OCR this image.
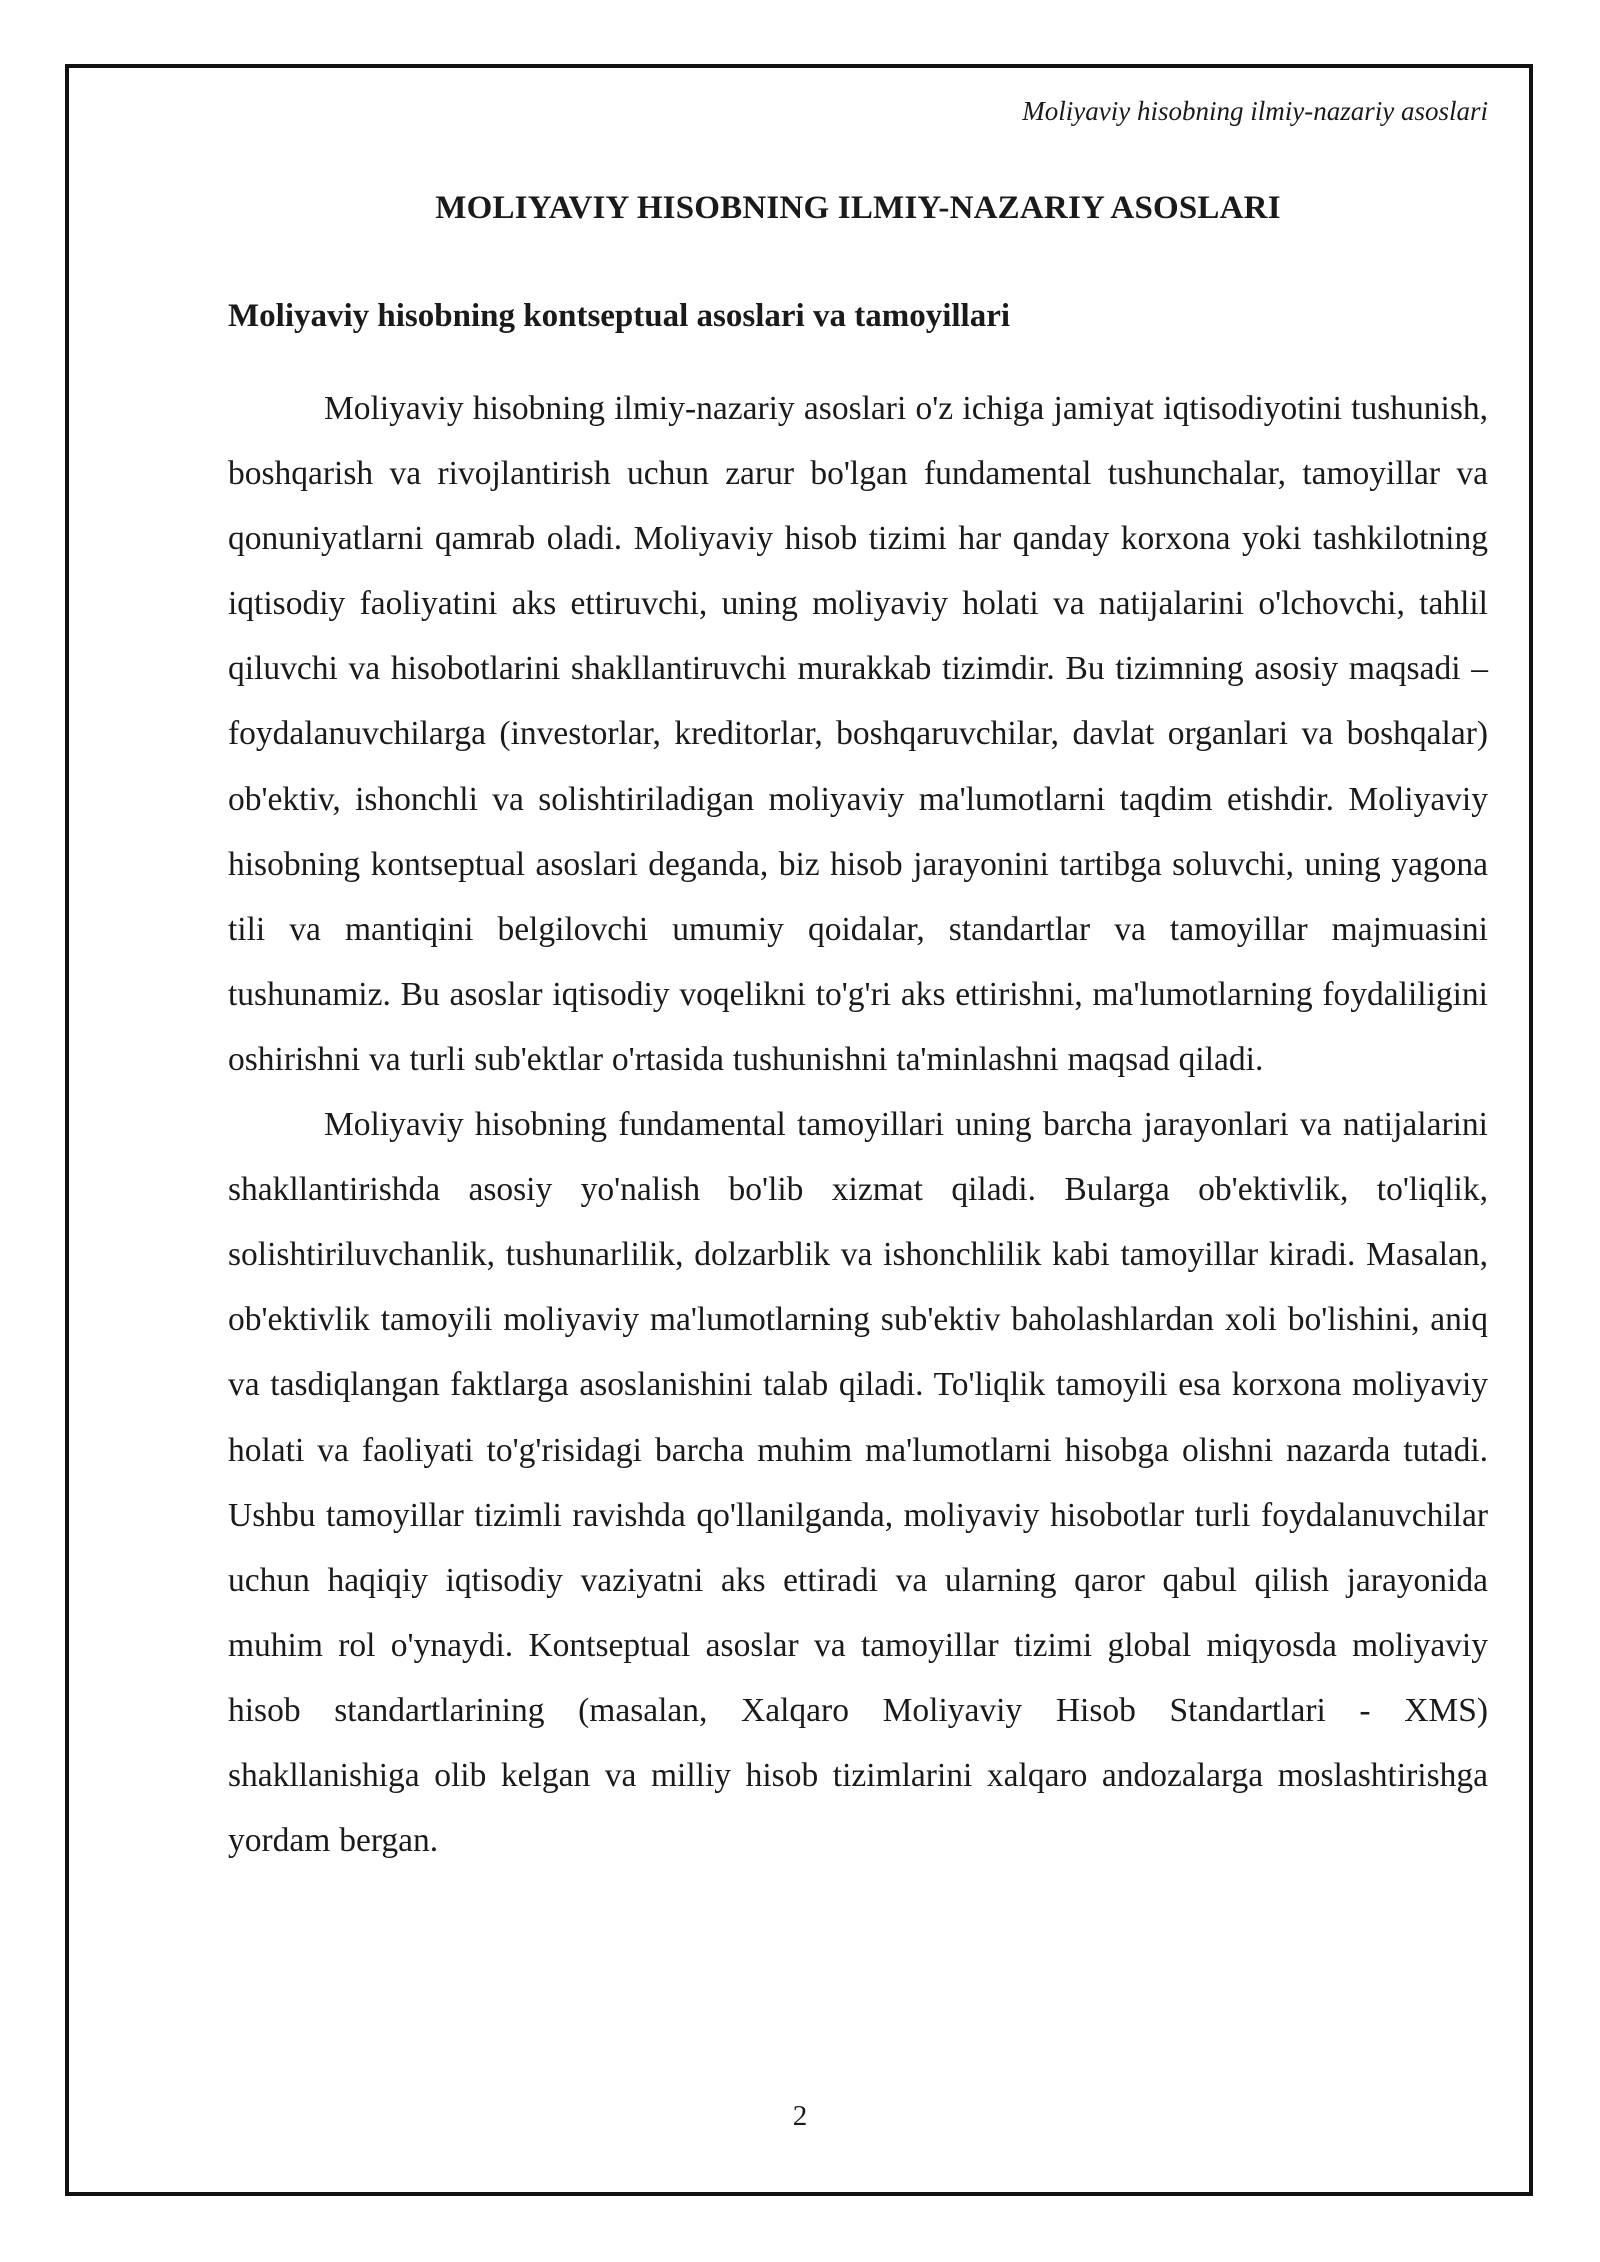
Moliyaviy hisobning ilmiy-nazariy asoslari
MOLIYAVIY HISOBNING ILMIY-NAZARIY ASOSLARI
Moliyaviy hisobning kontseptual asoslari va tamoyillari

Moliyaviy hisobning ilmiy-nazariy asoslari o'z ichiga jamiyat iqtisodiyotini tushunish, boshqarish va rivojlantirish uchun zarur bo'lgan fundamental tushunchalar, tamoyillar va qonuniyatlarni qamrab oladi. Moliyaviy hisob tizimi har qanday korxona yoki tashkilotning iqtisodiy faoliyatini aks ettiruvchi, uning moliyaviy holati va natijalarini o'lchovchi, tahlil qiluvchi va hisobotlarini shakllantiruvchi murakkab tizimdir. Bu tizimning asosiy maqsadi – foydalanuvchilarga (investorlar, kreditorlar, boshqaruvchilar, davlat organlari va boshqalar) ob'ektiv, ishonchli va solishtiriladigan moliyaviy ma'lumotlarni taqdim etishdir. Moliyaviy hisobning kontseptual asoslari deganda, biz hisob jarayonini tartibga soluvchi, uning yagona tili va mantiqini belgilovchi umumiy qoidalar, standartlar va tamoyillar majmuasini tushunamiz. Bu asoslar iqtisodiy voqelikni to'g'ri aks ettirishni, ma'lumotlarning foydaliligini oshirishni va turli sub'ektlar o'rtasida tushunishni ta'minlashni maqsad qiladi.

Moliyaviy hisobning fundamental tamoyillari uning barcha jarayonlari va natijalarini shakllantirishda asosiy yo'nalish bo'lib xizmat qiladi. Bularga ob'ektivlik, to'liqlik, solishtiriluvchanlik, tushunarlilik, dolzarblik va ishonchlilik kabi tamoyillar kiradi. Masalan, ob'ektivlik tamoyili moliyaviy ma'lumotlarning sub'ektiv baholashlardan xoli bo'lishini, aniq va tasdiqlangan faktlarga asoslanishini talab qiladi. To'liqlik tamoyili esa korxona moliyaviy holati va faoliyati to'g'risidagi barcha muhim ma'lumotlarni hisobga olishni nazarda tutadi. Ushbu tamoyillar tizimli ravishda qo'llanilganda, moliyaviy hisobotlar turli foydalanuvchilar uchun haqiqiy iqtisodiy vaziyatni aks ettiradi va ularning qaror qabul qilish jarayonida muhim rol o'ynaydi. Kontseptual asoslar va tamoyillar tizimi global miqyosda moliyaviy hisob standartlarining (masalan, Xalqaro Moliyaviy Hisob Standartlari - XMS) shakllanishiga olib kelgan va milliy hisob tizimlarini xalqaro andozalarga moslashtirishga yordam bergan.

2
